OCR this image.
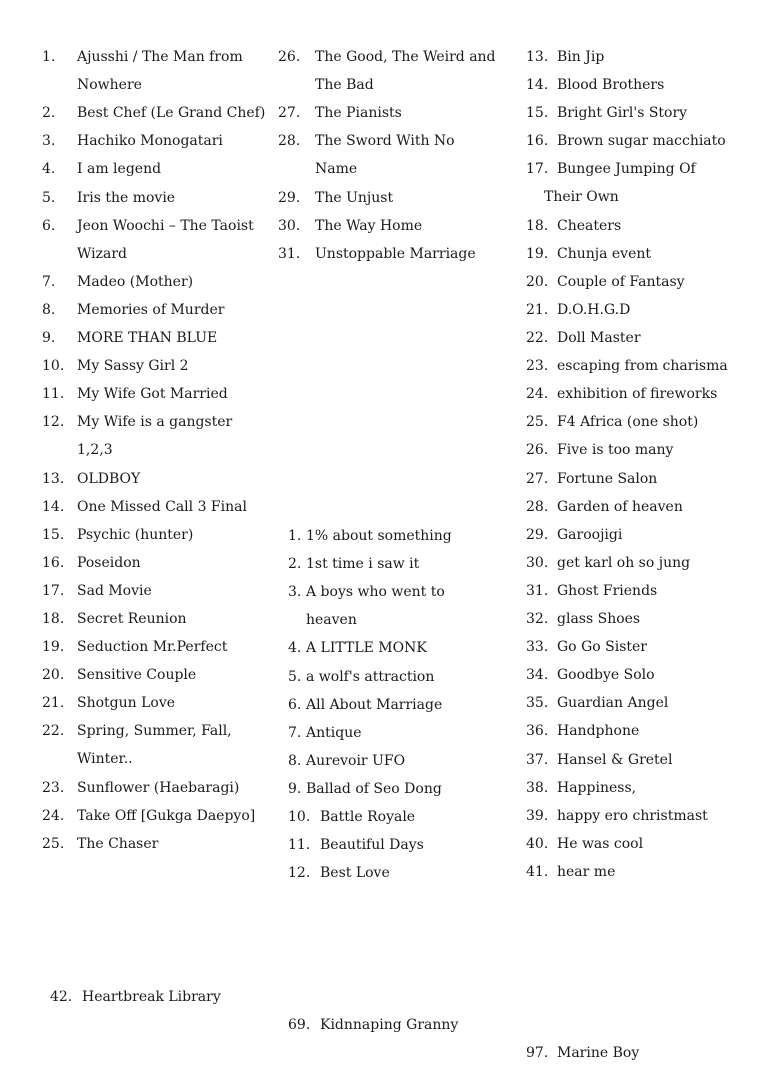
1. Ajusshi / The Man from
Nowhere
2. Best Chef (Le Grand Chef)
3. Hachiko Monogatari
4. I am legend
5. Iris the movie
6. Jeon Woochi – The Taoist
Wizard
7. Madeo (Mother)
8. Memories of Murder
9. MORE THAN BLUE
10. My Sassy Girl 2
11. My Wife Got Married
12. My Wife is a gangster
1,2,3
13. OLDBOY
14. One Missed Call 3 Final
15. Psychic (hunter)
16. Poseidon
17. Sad Movie
18. Secret Reunion
19. Seduction Mr.Perfect
20. Sensitive Couple
21. Shotgun Love
22. Spring, Summer, Fall,
Winter..
23. Sunflower (Haebaragi)
24. Take Off [Gukga Daepyo]
25. The Chaser
26. The Good, The Weird and
The Bad
27. The Pianists
28. The Sword With No
Name
29. The Unjust
30. The Way Home
31. Unstoppable Marriage
1. 1% about something
2. 1st time i saw it
3. A boys who went to
heaven
4. A LITTLE MONK
5. a wolf's attraction
6. All About Marriage
7. Antique
8. Aurevoir UFO
9. Ballad of Seo Dong
10. Battle Royale
11. Beautiful Days
12. Best Love
13. Bin Jip
14. Blood Brothers
15. Bright Girl's Story
16. Brown sugar macchiato
17. Bungee Jumping Of
Their Own
18. Cheaters
19. Chunja event
20. Couple of Fantasy
21. D.O.H.G.D
22. Doll Master
23. escaping from charisma
24. exhibition of fireworks
25. F4 Africa (one shot)
26. Five is too many
27. Fortune Salon
28. Garden of heaven
29. Garoojigi
30. get karl oh so jung
31. Ghost Friends
32. glass Shoes
33. Go Go Sister
34. Goodbye Solo
35. Guardian Angel
36. Handphone
37. Hansel & Gretel
38. Happiness,
39. happy ero christmast
40. He was cool
41. hear me
42. Heartbreak Library
69. Kidnnaping Granny
97. Marine Boy
